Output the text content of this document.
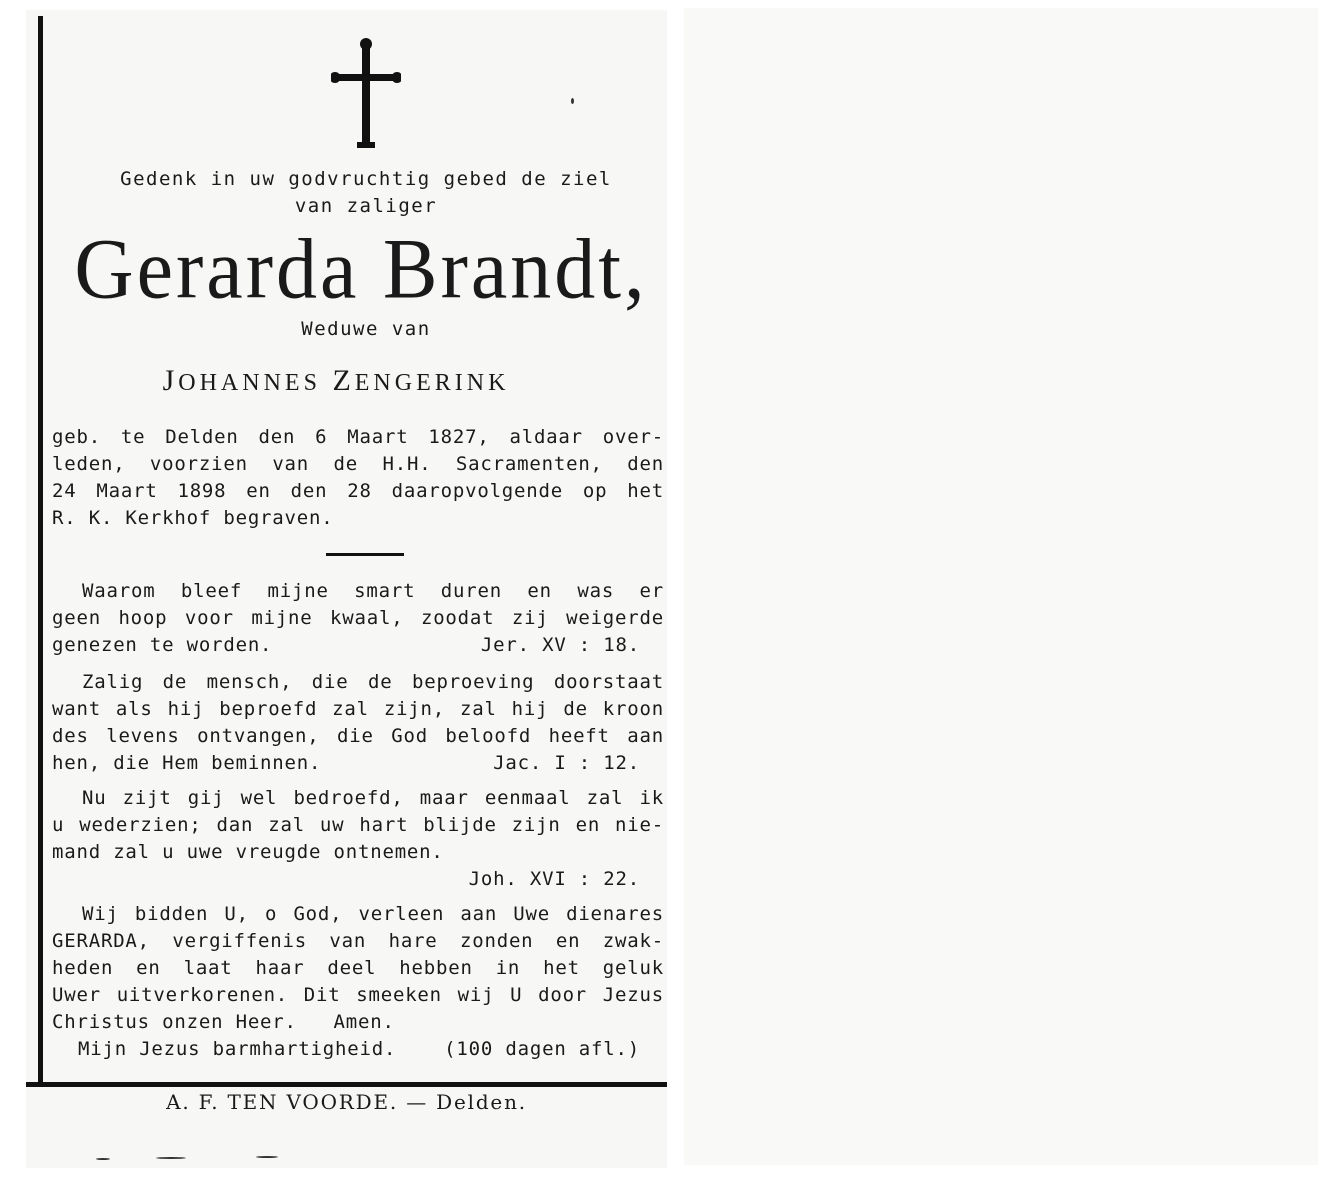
Gedenk in uw godvruchtig gebed de ziel
van zaliger
Gerarda Brandt,
Weduwe van
JOHANNES ZENGERINK
geb. te Delden den 6 Maart 1827, aldaar over-
leden, voorzien van de H.H. Sacramenten, den
24 Maart 1898 en den 28 daaropvolgende op het
R. K. Kerkhof begraven.
Waarom bleef mijne smart duren en was er
geen hoop voor mijne kwaal, zoodat zij weigerde
genezen te worden.	Jer. XV : 18.
Zalig de mensch, die de beproeving doorstaat
want als hij beproefd zal zijn, zal hij de kroon
des levens ontvangen, die God beloofd heeft aan
hen, die Hem beminnen.	Jac. I : 12.
Nu zijt gij wel bedroefd, maar eenmaal zal ik
u wederzien; dan zal uw hart blijde zijn en nie-
mand zal u uwe vreugde ontnemen.
Joh. XVI : 22.
Wij bidden U, o God, verleen aan Uwe dienares
GERARDA, vergiffenis van hare zonden en zwak-
heden en laat haar deel hebben in het geluk
Uwer uitverkorenen. Dit smeeken wij U door Jezus
Christus onzen Heer.   Amen.
Mijn Jezus barmhartigheid.	(100 dagen afl.)
A. F. TEN VOORDE. — Delden.
